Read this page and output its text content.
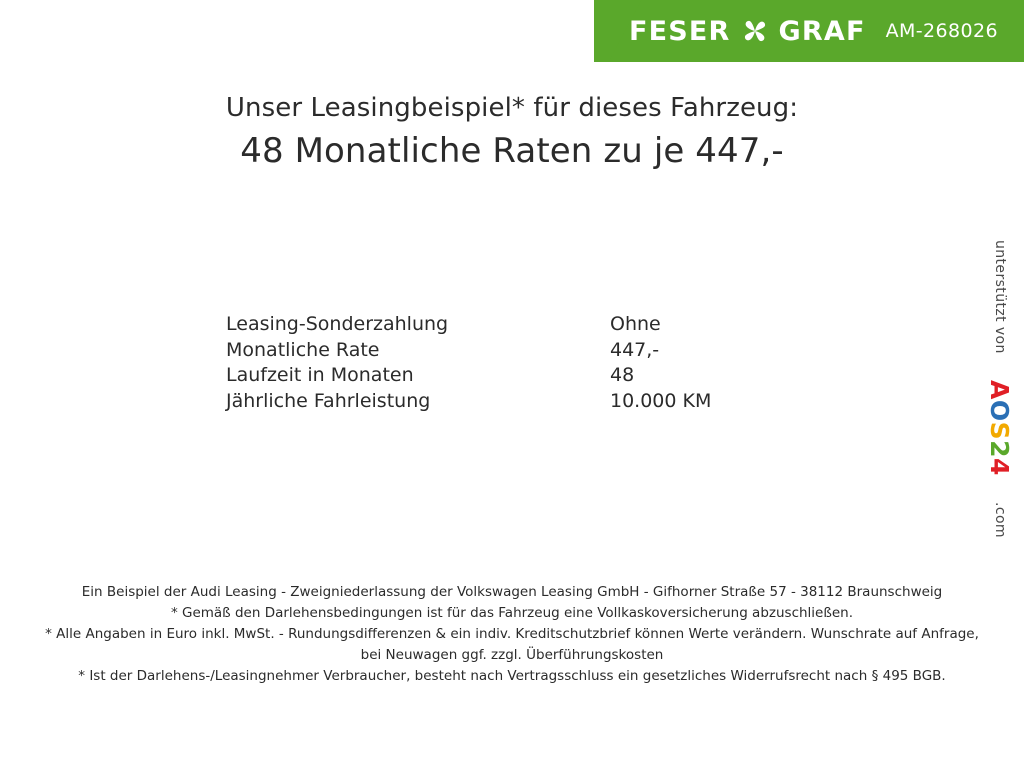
FESER GRAF AM-268026
Unser Leasingbeispiel* für dieses Fahrzeug:
48 Monatliche Raten zu je 447,-
Leasing-Sonderzahlung	Ohne
Monatliche Rate	447,-
Laufzeit in Monaten	48
Jährliche Fahrleistung	10.000 KM
unterstützt von
AOS24
.com

Ein Beispiel der Audi Leasing - Zweigniederlassung der Volkswagen Leasing GmbH - Gifhorner Straße 57 - 38112 Braunschweig

* Gemäß den Darlehensbedingungen ist für das Fahrzeug eine Vollkaskoversicherung abzuschließen.

* Alle Angaben in Euro inkl. MwSt. - Rundungsdifferenzen & ein indiv. Kreditschutzbrief können Werte verändern. Wunschrate auf Anfrage, bei Neuwagen ggf. zzgl. Überführungskosten

* Ist der Darlehens-/Leasingnehmer Verbraucher, besteht nach Vertragsschluss ein gesetzliches Widerrufsrecht nach § 495 BGB.
